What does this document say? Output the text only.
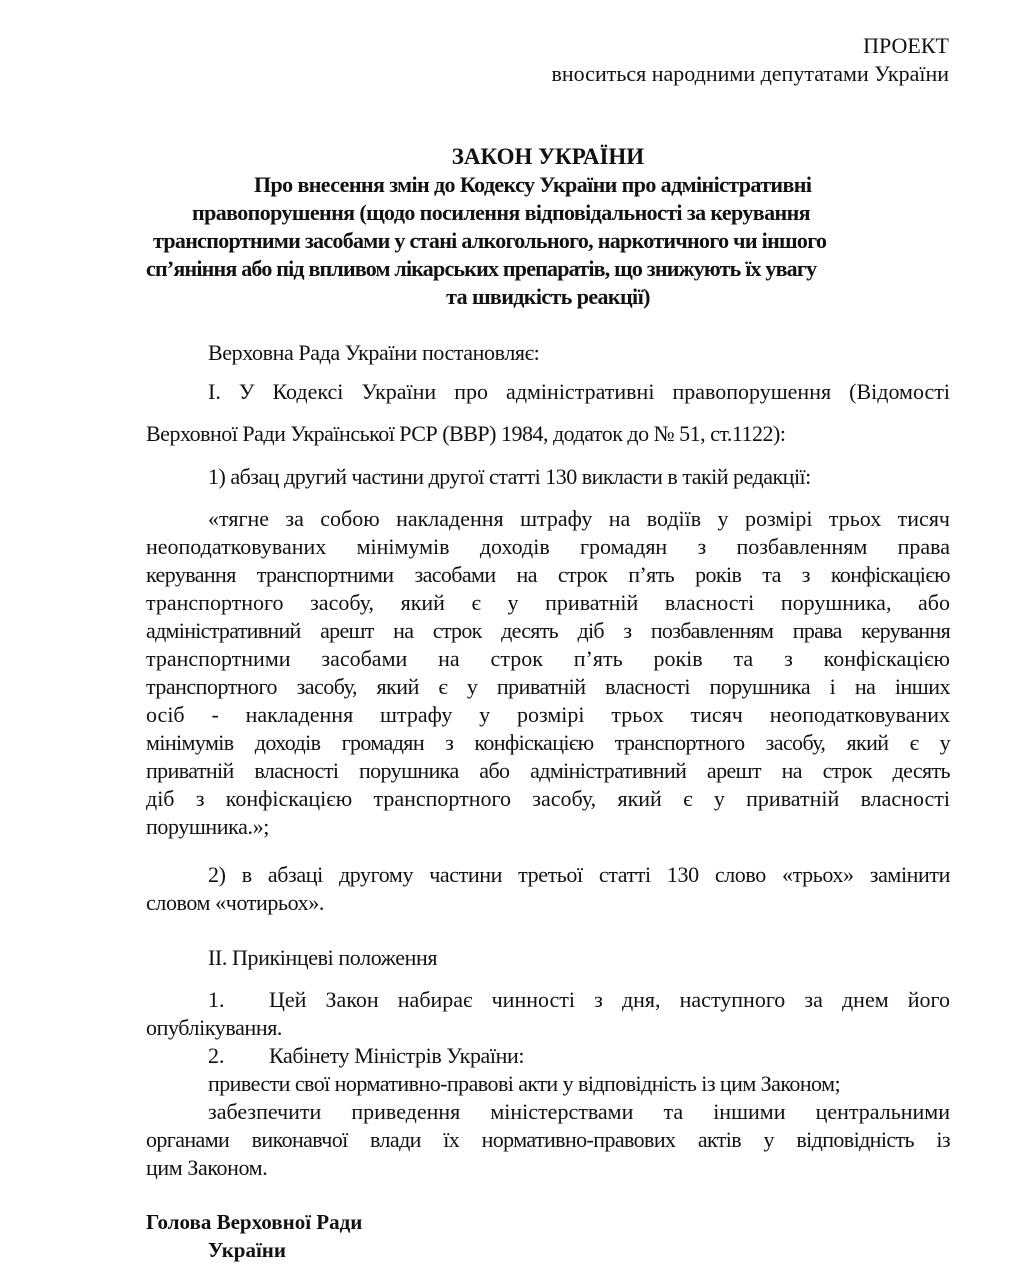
ПРОЕКТ
вноситься народними депутатами України
ЗАКОН УКРАЇНИ
Про внесення змін до Кодексу України про адміністративні
правопорушення (щодо посилення відповідальності за керування
транспортними засобами у стані алкогольного, наркотичного чи іншого
сп’яніння або під впливом лікарських препаратів, що знижують їх увагу
та швидкість реакції)
Верховна Рада України постановляє:
І. У Кодексі України про адміністративні правопорушення (Відомості
Верховної Ради Української РСР (ВВР) 1984, додаток до № 51, ст.1122):
1) абзац другий частини другої статті 130 викласти в такій редакції:
«тягне за собою накладення штрафу на водіїв у розмірі трьох тисяч
неоподатковуваних мінімумів доходів громадян з позбавленням права
керування транспортними засобами на строк п’ять років та з конфіскацією
транспортного засобу, який є у приватній власності порушника, або
адміністративний арешт на строк десять діб з позбавленням права керування
транспортними засобами на строк п’ять років та з конфіскацією
транспортного засобу, який є у приватній власності порушника і на інших
осіб - накладення штрафу у розмірі трьох тисяч неоподатковуваних
мінімумів доходів громадян з конфіскацією транспортного засобу, який є у
приватній власності порушника або адміністративний арешт на строк десять
діб з конфіскацією транспортного засобу, який є у приватній власності
порушника.»;
2) в абзаці другому частини третьої статті 130 слово «трьох» замінити
словом «чотирьох».
ІІ. Прикінцеві положення
1. Цей Закон набирає чинності з дня, наступного за днем його
опублікування.
2. Кабінету Міністрів України:
привести свої нормативно-правові акти у відповідність із цим Законом;
забезпечити приведення міністерствами та іншими центральними
органами виконавчої влади їх нормативно-правових актів у відповідність із
цим Законом.
Голова Верховної Ради
України
